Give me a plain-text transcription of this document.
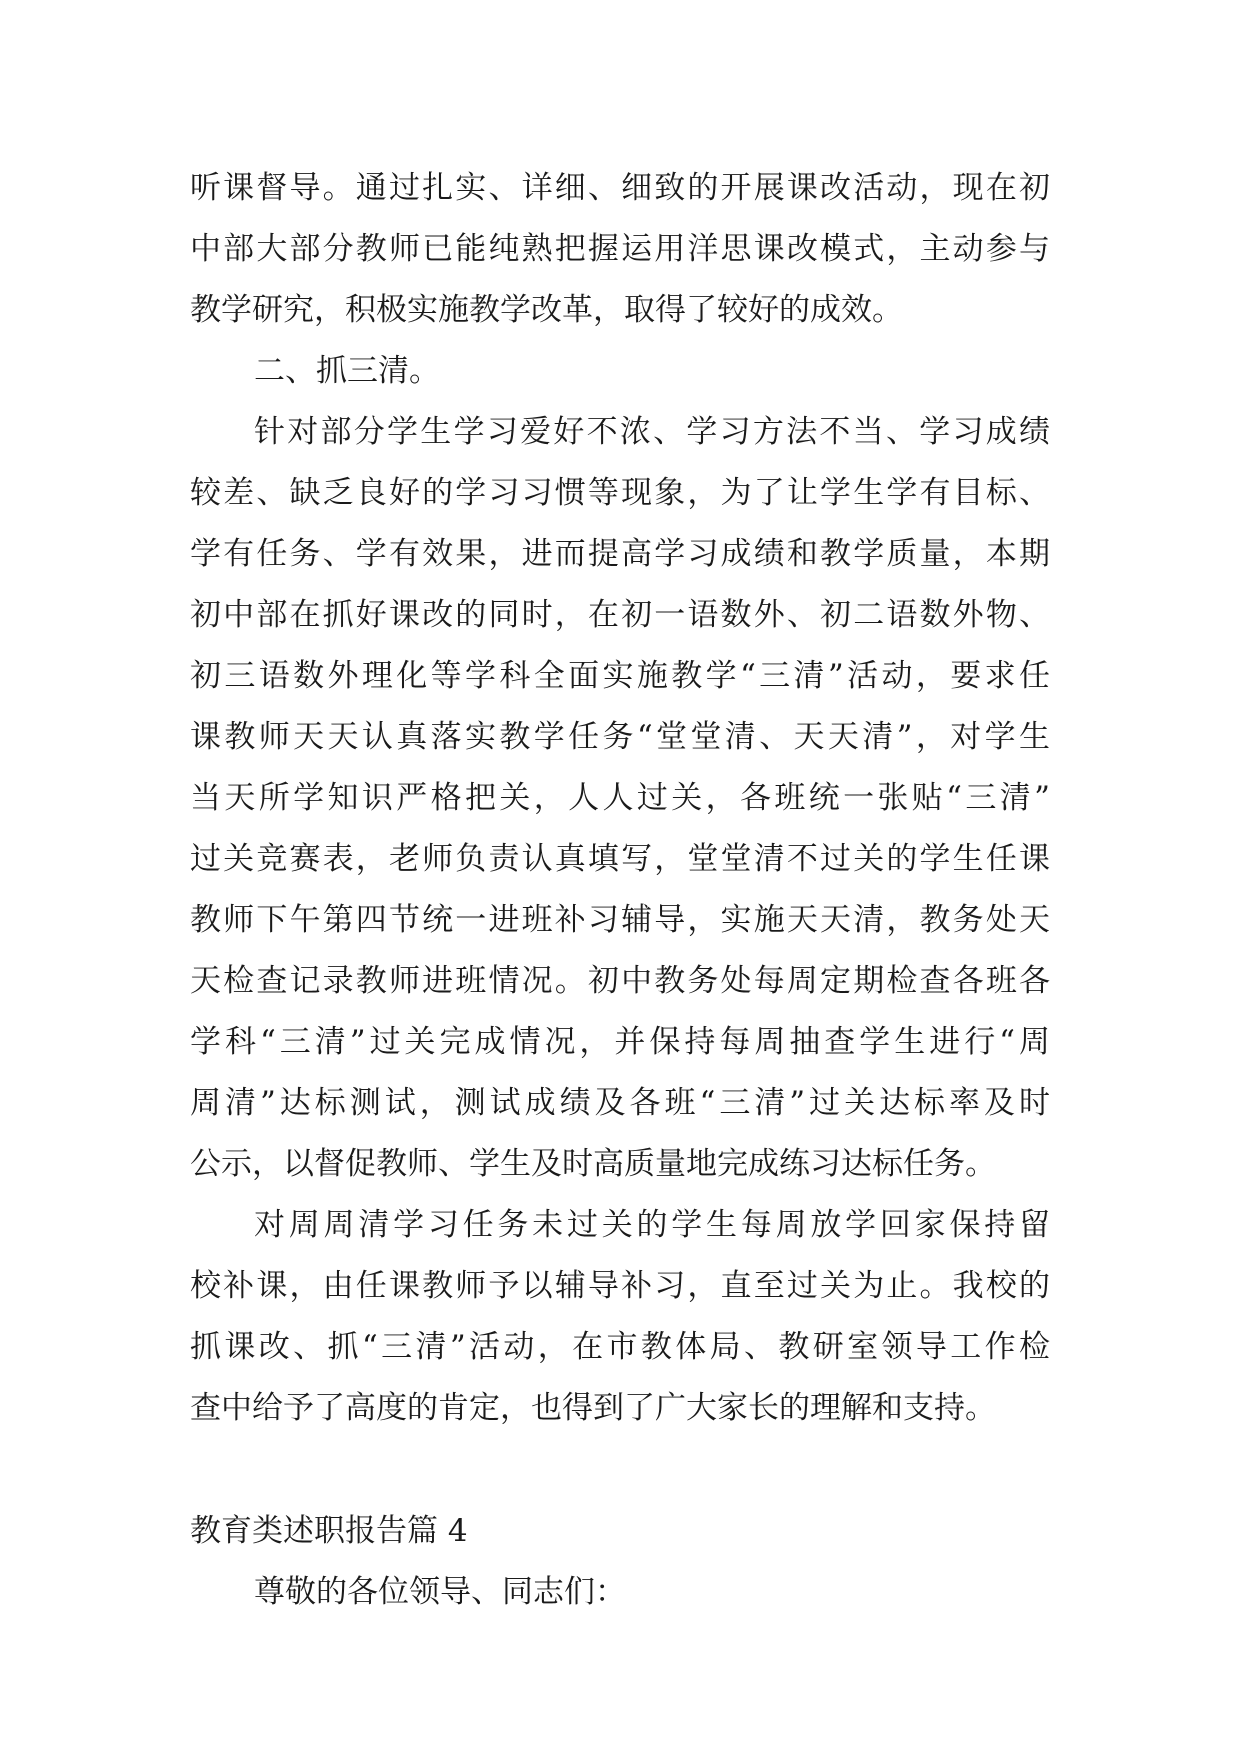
听课督导。通过扎实、详细、细致的开展课改活动，现在初
中部大部分教师已能纯熟把握运用洋思课改模式，主动参与
教学研究，积极实施教学改革，取得了较好的成效。
二、抓三清。
针对部分学生学习爱好不浓、学习方法不当、学习成绩
较差、缺乏良好的学习习惯等现象，为了让学生学有目标、
学有任务、学有效果，进而提高学习成绩和教学质量，本期
初中部在抓好课改的同时，在初一语数外、初二语数外物、
初三语数外理化等学科全面实施教学“三清”活动，要求任
课教师天天认真落实教学任务“堂堂清、天天清”，对学生
当天所学知识严格把关，人人过关，各班统一张贴“三清”
过关竞赛表，老师负责认真填写，堂堂清不过关的学生任课
教师下午第四节统一进班补习辅导，实施天天清，教务处天
天检查记录教师进班情况。初中教务处每周定期检查各班各
学科“三清”过关完成情况，并保持每周抽查学生进行“周
周清”达标测试，测试成绩及各班“三清”过关达标率及时
公示，以督促教师、学生及时高质量地完成练习达标任务。
对周周清学习任务未过关的学生每周放学回家保持留
校补课，由任课教师予以辅导补习，直至过关为止。我校的
抓课改、抓“三清”活动，在市教体局、教研室领导工作检
查中给予了高度的肯定，也得到了广大家长的理解和支持。
教育类述职报告篇 4
尊敬的各位领导、同志们：
